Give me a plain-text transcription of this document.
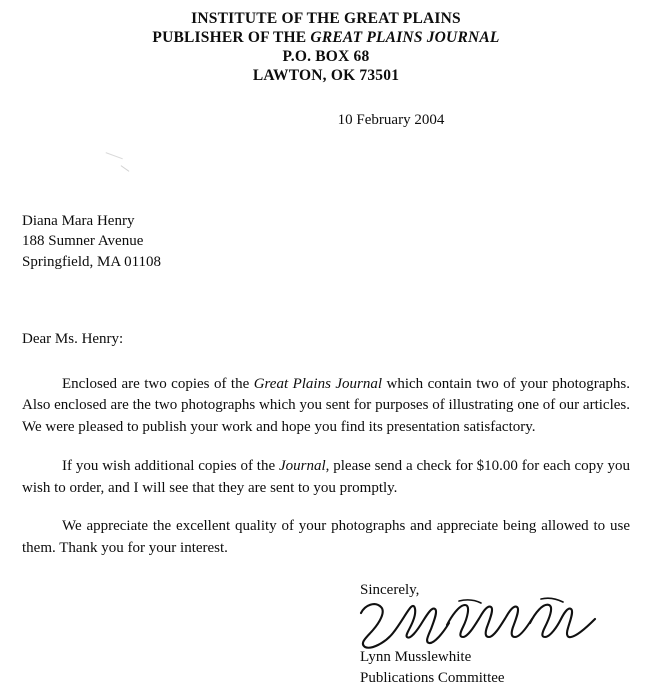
INSTITUTE OF THE GREAT PLAINS
PUBLISHER OF THE GREAT PLAINS JOURNAL
P.O. BOX 68
LAWTON, OK 73501
10 February 2004
Diana Mara Henry
188 Sumner Avenue
Springfield, MA 01108
Dear Ms. Henry:

Enclosed are two copies of the Great Plains Journal which contain two of your photographs. Also enclosed are the two photographs which you sent for purposes of illustrating one of our articles. We were pleased to publish your work and hope you find its presentation satisfactory.

If you wish additional copies of the Journal, please send a check for $10.00 for each copy you wish to order, and I will see that they are sent to you promptly.

We appreciate the excellent quality of your photographs and appreciate being allowed to use them. Thank you for your interest.

Sincerely,
Lynn Musslewhite
Publications Committee
